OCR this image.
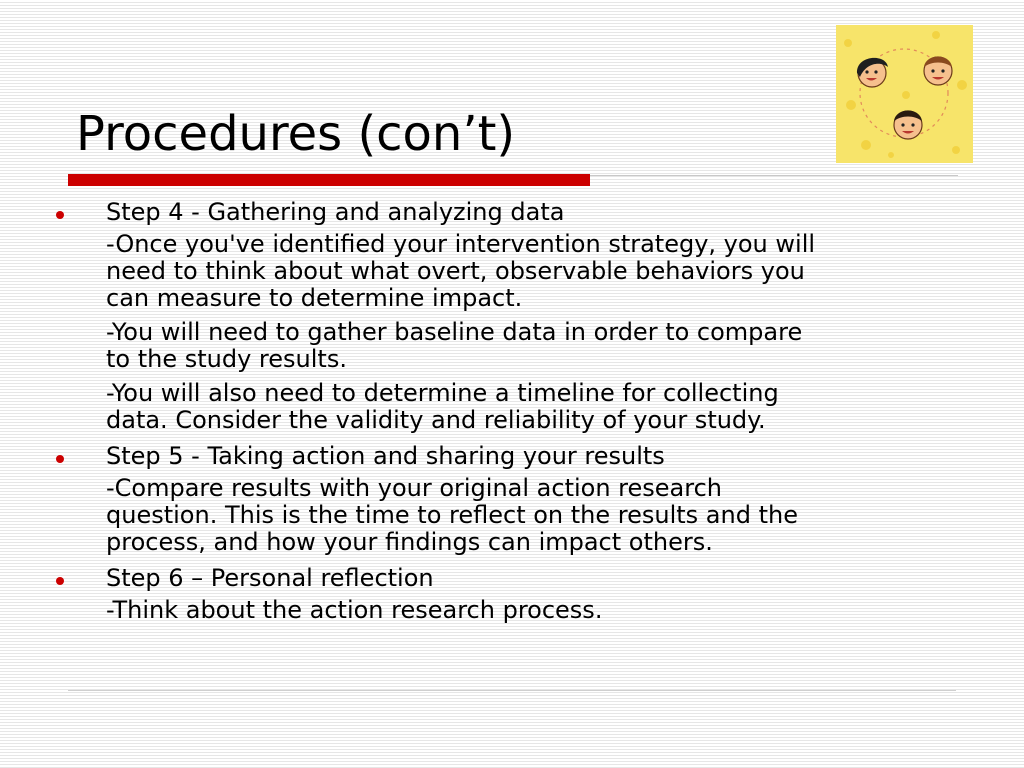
Procedures (con’t)
Step 4 - Gathering and analyzing data
-Once you've identified your intervention strategy, you will
need to think about what overt, observable behaviors you
can measure to determine impact.
-You will need to gather baseline data in order to compare
to the study results.
-You will also need to determine a timeline for collecting
data. Consider the validity and reliability of your study.
Step 5 - Taking action and sharing your results
-Compare results with your original action research
question. This is the time to reflect on the results and the
process, and how your findings can impact others.
Step 6 – Personal reflection
-Think about the action research process.
